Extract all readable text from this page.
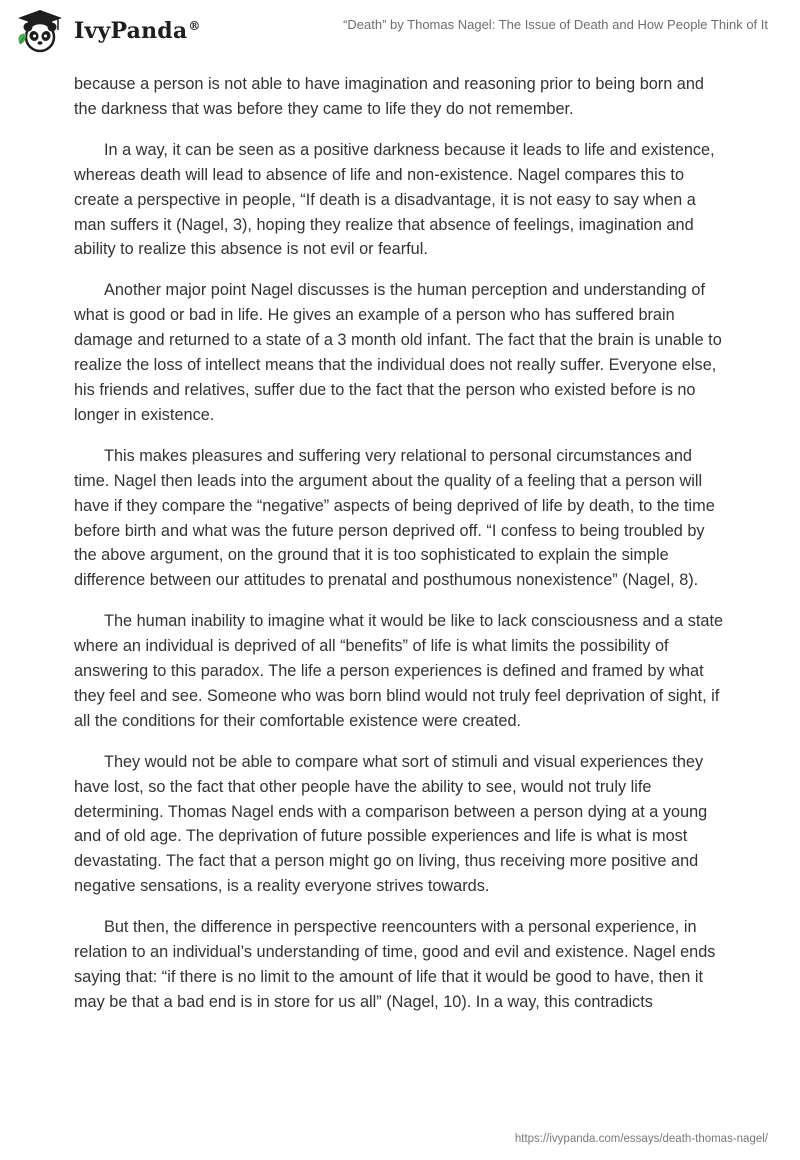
IvyPanda®	“Death” by Thomas Nagel: The Issue of Death and How People Think of It

because a person is not able to have imagination and reasoning prior to being born and the darkness that was before they came to life they do not remember.

In a way, it can be seen as a positive darkness because it leads to life and existence, whereas death will lead to absence of life and non-existence. Nagel compares this to create a perspective in people, “If death is a disadvantage, it is not easy to say when a man suffers it (Nagel, 3), hoping they realize that absence of feelings, imagination and ability to realize this absence is not evil or fearful.

Another major point Nagel discusses is the human perception and understanding of what is good or bad in life. He gives an example of a person who has suffered brain damage and returned to a state of a 3 month old infant. The fact that the brain is unable to realize the loss of intellect means that the individual does not really suffer. Everyone else, his friends and relatives, suffer due to the fact that the person who existed before is no longer in existence.

This makes pleasures and suffering very relational to personal circumstances and time. Nagel then leads into the argument about the quality of a feeling that a person will have if they compare the “negative” aspects of being deprived of life by death, to the time before birth and what was the future person deprived off. “I confess to being troubled by the above argument, on the ground that it is too sophisticated to explain the simple difference between our attitudes to prenatal and posthumous nonexistence” (Nagel, 8).

The human inability to imagine what it would be like to lack consciousness and a state where an individual is deprived of all “benefits” of life is what limits the possibility of answering to this paradox. The life a person experiences is defined and framed by what they feel and see. Someone who was born blind would not truly feel deprivation of sight, if all the conditions for their comfortable existence were created.

They would not be able to compare what sort of stimuli and visual experiences they have lost, so the fact that other people have the ability to see, would not truly life determining. Thomas Nagel ends with a comparison between a person dying at a young and of old age. The deprivation of future possible experiences and life is what is most devastating. The fact that a person might go on living, thus receiving more positive and negative sensations, is a reality everyone strives towards.

But then, the difference in perspective reencounters with a personal experience, in relation to an individual’s understanding of time, good and evil and existence. Nagel ends saying that: “if there is no limit to the amount of life that it would be good to have, then it may be that a bad end is in store for us all” (Nagel, 10). In a way, this contradicts

https://ivypanda.com/essays/death-thomas-nagel/
